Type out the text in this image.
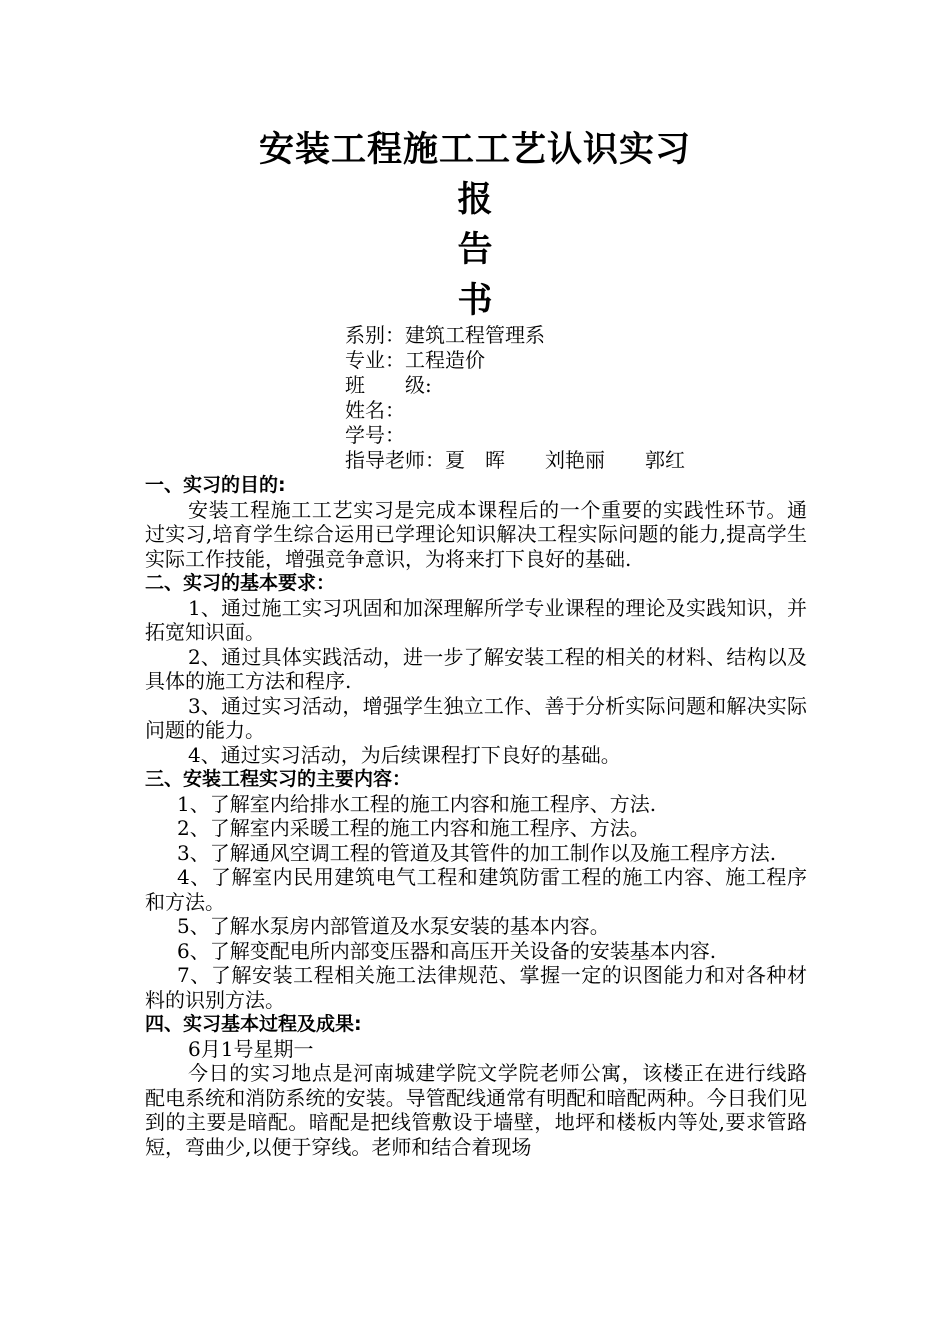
安装工程施工工艺认识实习
报
告
书
系别：建筑工程管理系
专业：工程造价
班　　级:
姓名：
学号：
指导老师：夏　晖　　刘艳丽　　郭红

一、实习的目的:

安装工程施工工艺实习是完成本课程后的一个重要的实践性环节。通过实习,培育学生综合运用已学理论知识解决工程实际问题的能力,提高学生实际工作技能，增强竞争意识，为将来打下良好的基础.

二、实习的基本要求：

1、通过施工实习巩固和加深理解所学专业课程的理论及实践知识，并拓宽知识面。

2、通过具体实践活动，进一步了解安装工程的相关的材料、结构以及具体的施工方法和程序.

3、通过实习活动，增强学生独立工作、善于分析实际问题和解决实际问题的能力。

4、通过实习活动，为后续课程打下良好的基础。

三、安装工程实习的主要内容：

1、了解室内给排水工程的施工内容和施工程序、方法.

2、了解室内采暖工程的施工内容和施工程序、方法。

3、了解通风空调工程的管道及其管件的加工制作以及施工程序方法.

4、了解室内民用建筑电气工程和建筑防雷工程的施工内容、施工程序和方法。

5、了解水泵房内部管道及水泵安装的基本内容。

6、了解变配电所内部变压器和高压开关设备的安装基本内容.

7、了解安装工程相关施工法律规范、掌握一定的识图能力和对各种材料的识别方法。

四、实习基本过程及成果:

6月1号星期一

今日的实习地点是河南城建学院文学院老师公寓，该楼正在进行线路配电系统和消防系统的安装。导管配线通常有明配和暗配两种。今日我们见到的主要是暗配。暗配是把线管敷设于墙壁，地坪和楼板内等处,要求管路短，弯曲少,以便于穿线。老师和结合着现场
